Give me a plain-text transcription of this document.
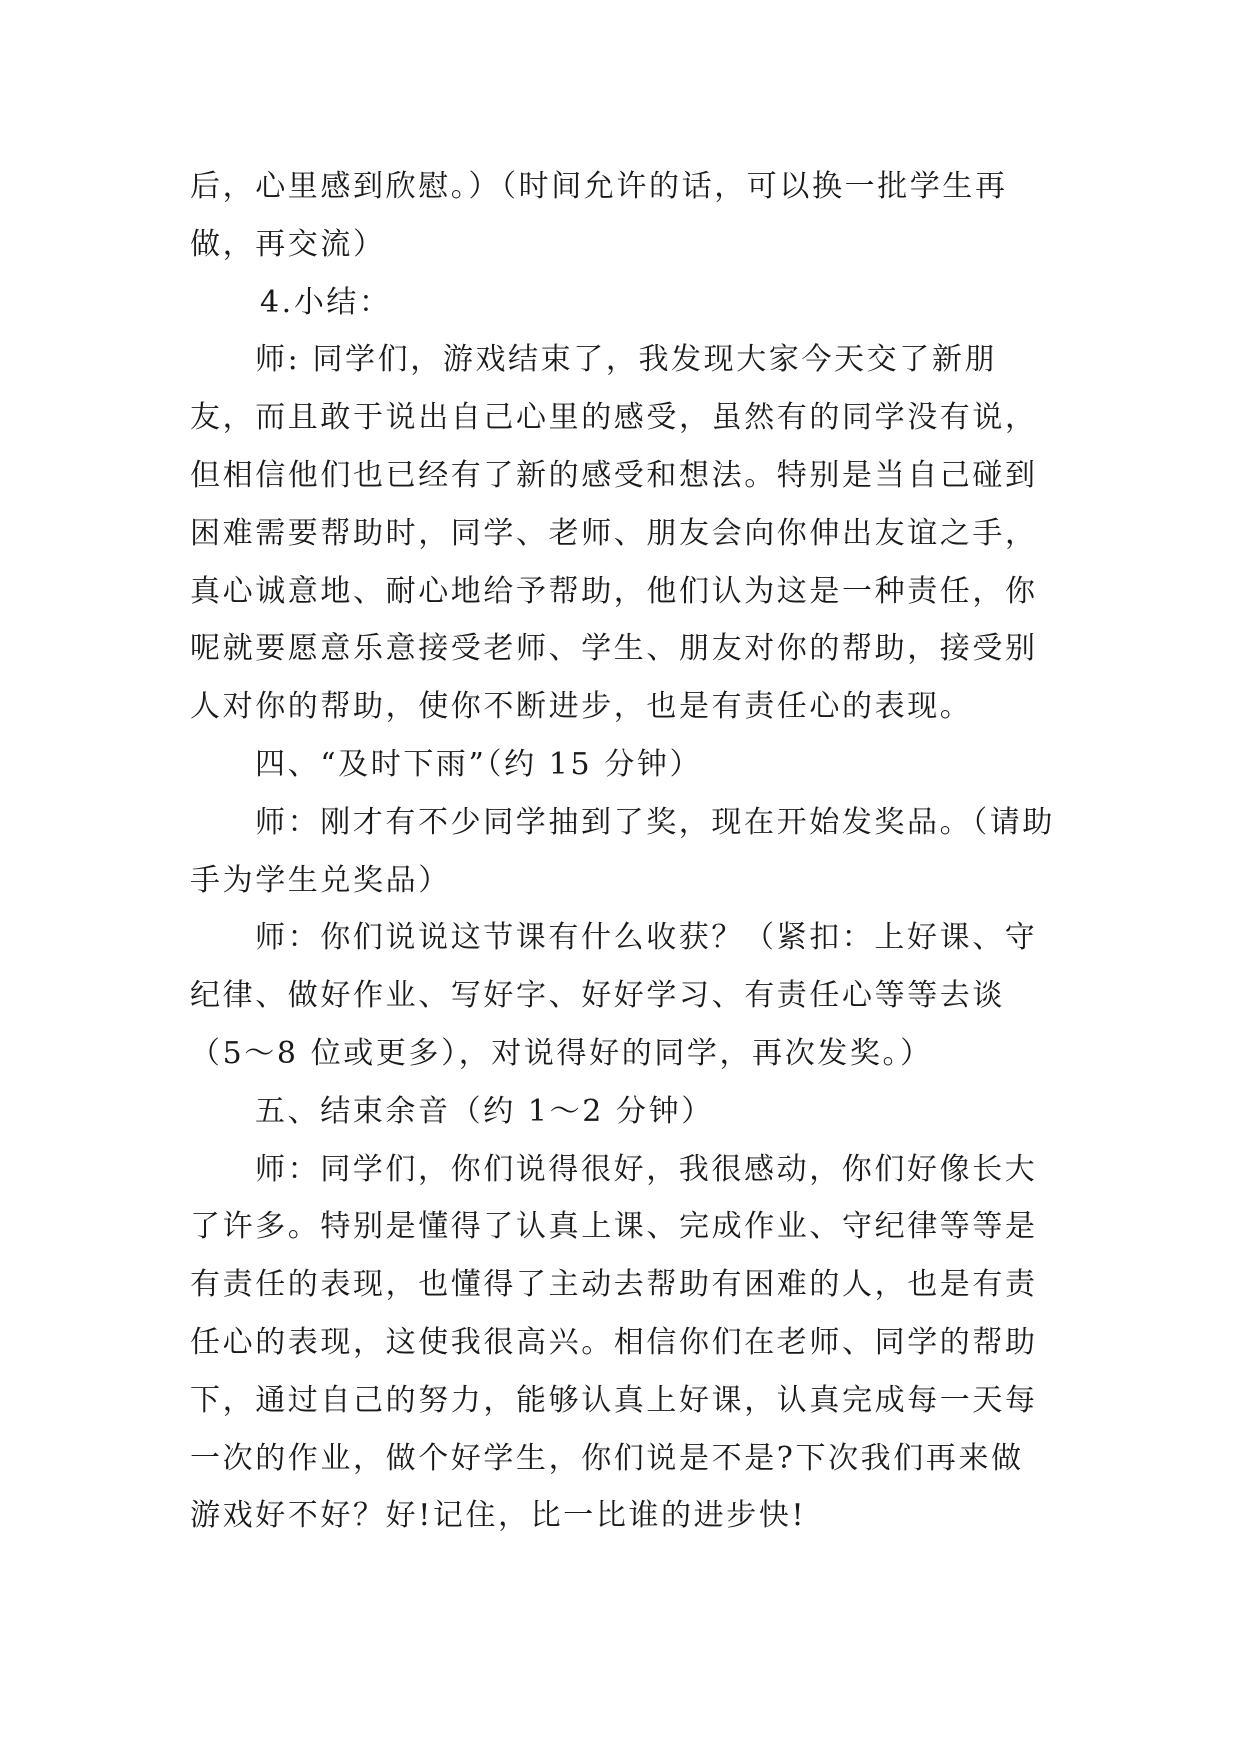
后，心里感到欣慰。）（时间允许的话，可以换一批学生再做，再交流）

4.小结：

师: 同学们，游戏结束了，我发现大家今天交了新朋友，而且敢于说出自己心里的感受，虽然有的同学没有说，但相信他们也已经有了新的感受和想法。特别是当自己碰到困难需要帮助时，同学、老师、朋友会向你伸出友谊之手，真心诚意地、耐心地给予帮助，他们认为这是一种责任，你呢就要愿意乐意接受老师、学生、朋友对你的帮助，接受别人对你的帮助，使你不断进步，也是有责任心的表现。

四、“及时下雨”（约 15 分钟）

师：刚才有不少同学抽到了奖，现在开始发奖品。（请助手为学生兑奖品）

师：你们说说这节课有什么收获？（紧扣：上好课、守纪律、做好作业、写好字、好好学习、有责任心等等去谈（5～8 位或更多），对说得好的同学，再次发奖。）

五、结束余音（约 1～2 分钟）

师：同学们，你们说得很好，我很感动，你们好像长大了许多。特别是懂得了认真上课、完成作业、守纪律等等是有责任的表现，也懂得了主动去帮助有困难的人，也是有责任心的表现，这使我很高兴。相信你们在老师、同学的帮助下，通过自己的努力，能够认真上好课，认真完成每一天每一次的作业，做个好学生，你们说是不是?下次我们再来做游戏好不好？好!记住，比一比谁的进步快!
